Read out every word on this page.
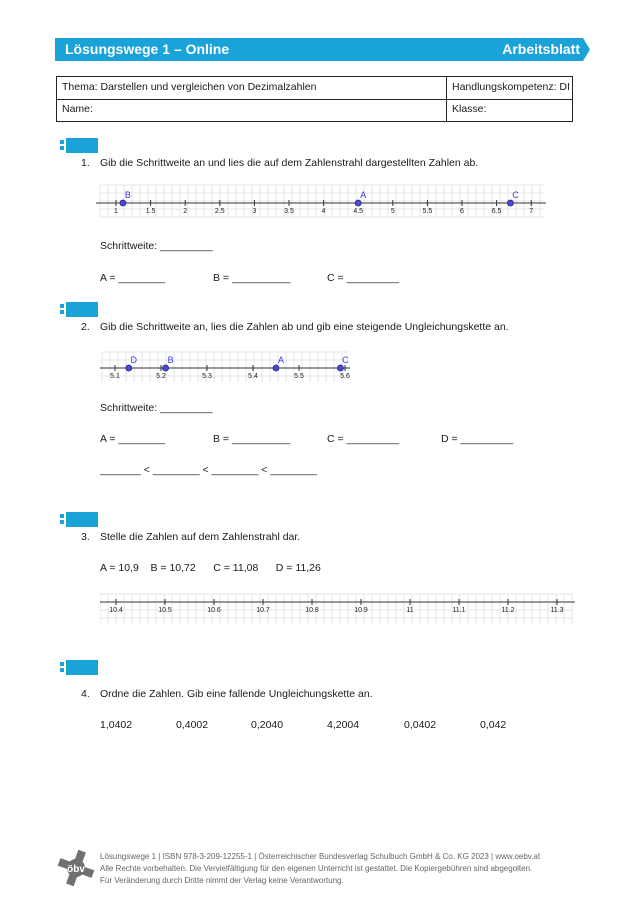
Lösungswege 1 – Online	Arbeitsblatt
Thema: Darstellen und vergleichen von Dezimalzahlen	Handlungskompetenz: DI
Name:	Klasse:
1. Gib die Schrittweite an und lies die auf dem Zahlenstrahl dargestellten Zahlen ab.
1	1.5	2	2.5	3	3.5	4	4.5	5	5.5	6	6.5	7
B	A	C
Schrittweite: _________
A = ________	B = __________	C = _________
2. Gib die Schrittweite an, lies die Zahlen ab und gib eine steigende Ungleichungskette an.
5.1	5.2	5.3	5.4	5.5	5.6
D	B	A	C
Schrittweite: _________
A = ________	B = __________	C = _________	D = _________
_______ < ________ < ________ < ________
3. Stelle die Zahlen auf dem Zahlenstrahl dar.
A = 10,9    B = 10,72      C = 11,08      D = 11,26
10.4	10.5	10.6	10.7	10.8	10.9	11	11.1	11.2	11.3
4. Ordne die Zahlen. Gib eine fallende Ungleichungskette an.
1,0402	0,4002	0,2040	4,2004	0,0402	0,042
öbv
Lösungswege 1 | ISBN 978-3-209-12255-1 | Österreichischer Bundesverlag Schulbuch GmbH & Co. KG 2023 | www.oebv.at
Alle Rechte vorbehalten. Die Vervielfältigung für den eigenen Unterricht ist gestattet. Die Kopiergebühren sind abgegolten.
Für Veränderung durch Dritte nimmt der Verlag keine Verantwortung.
